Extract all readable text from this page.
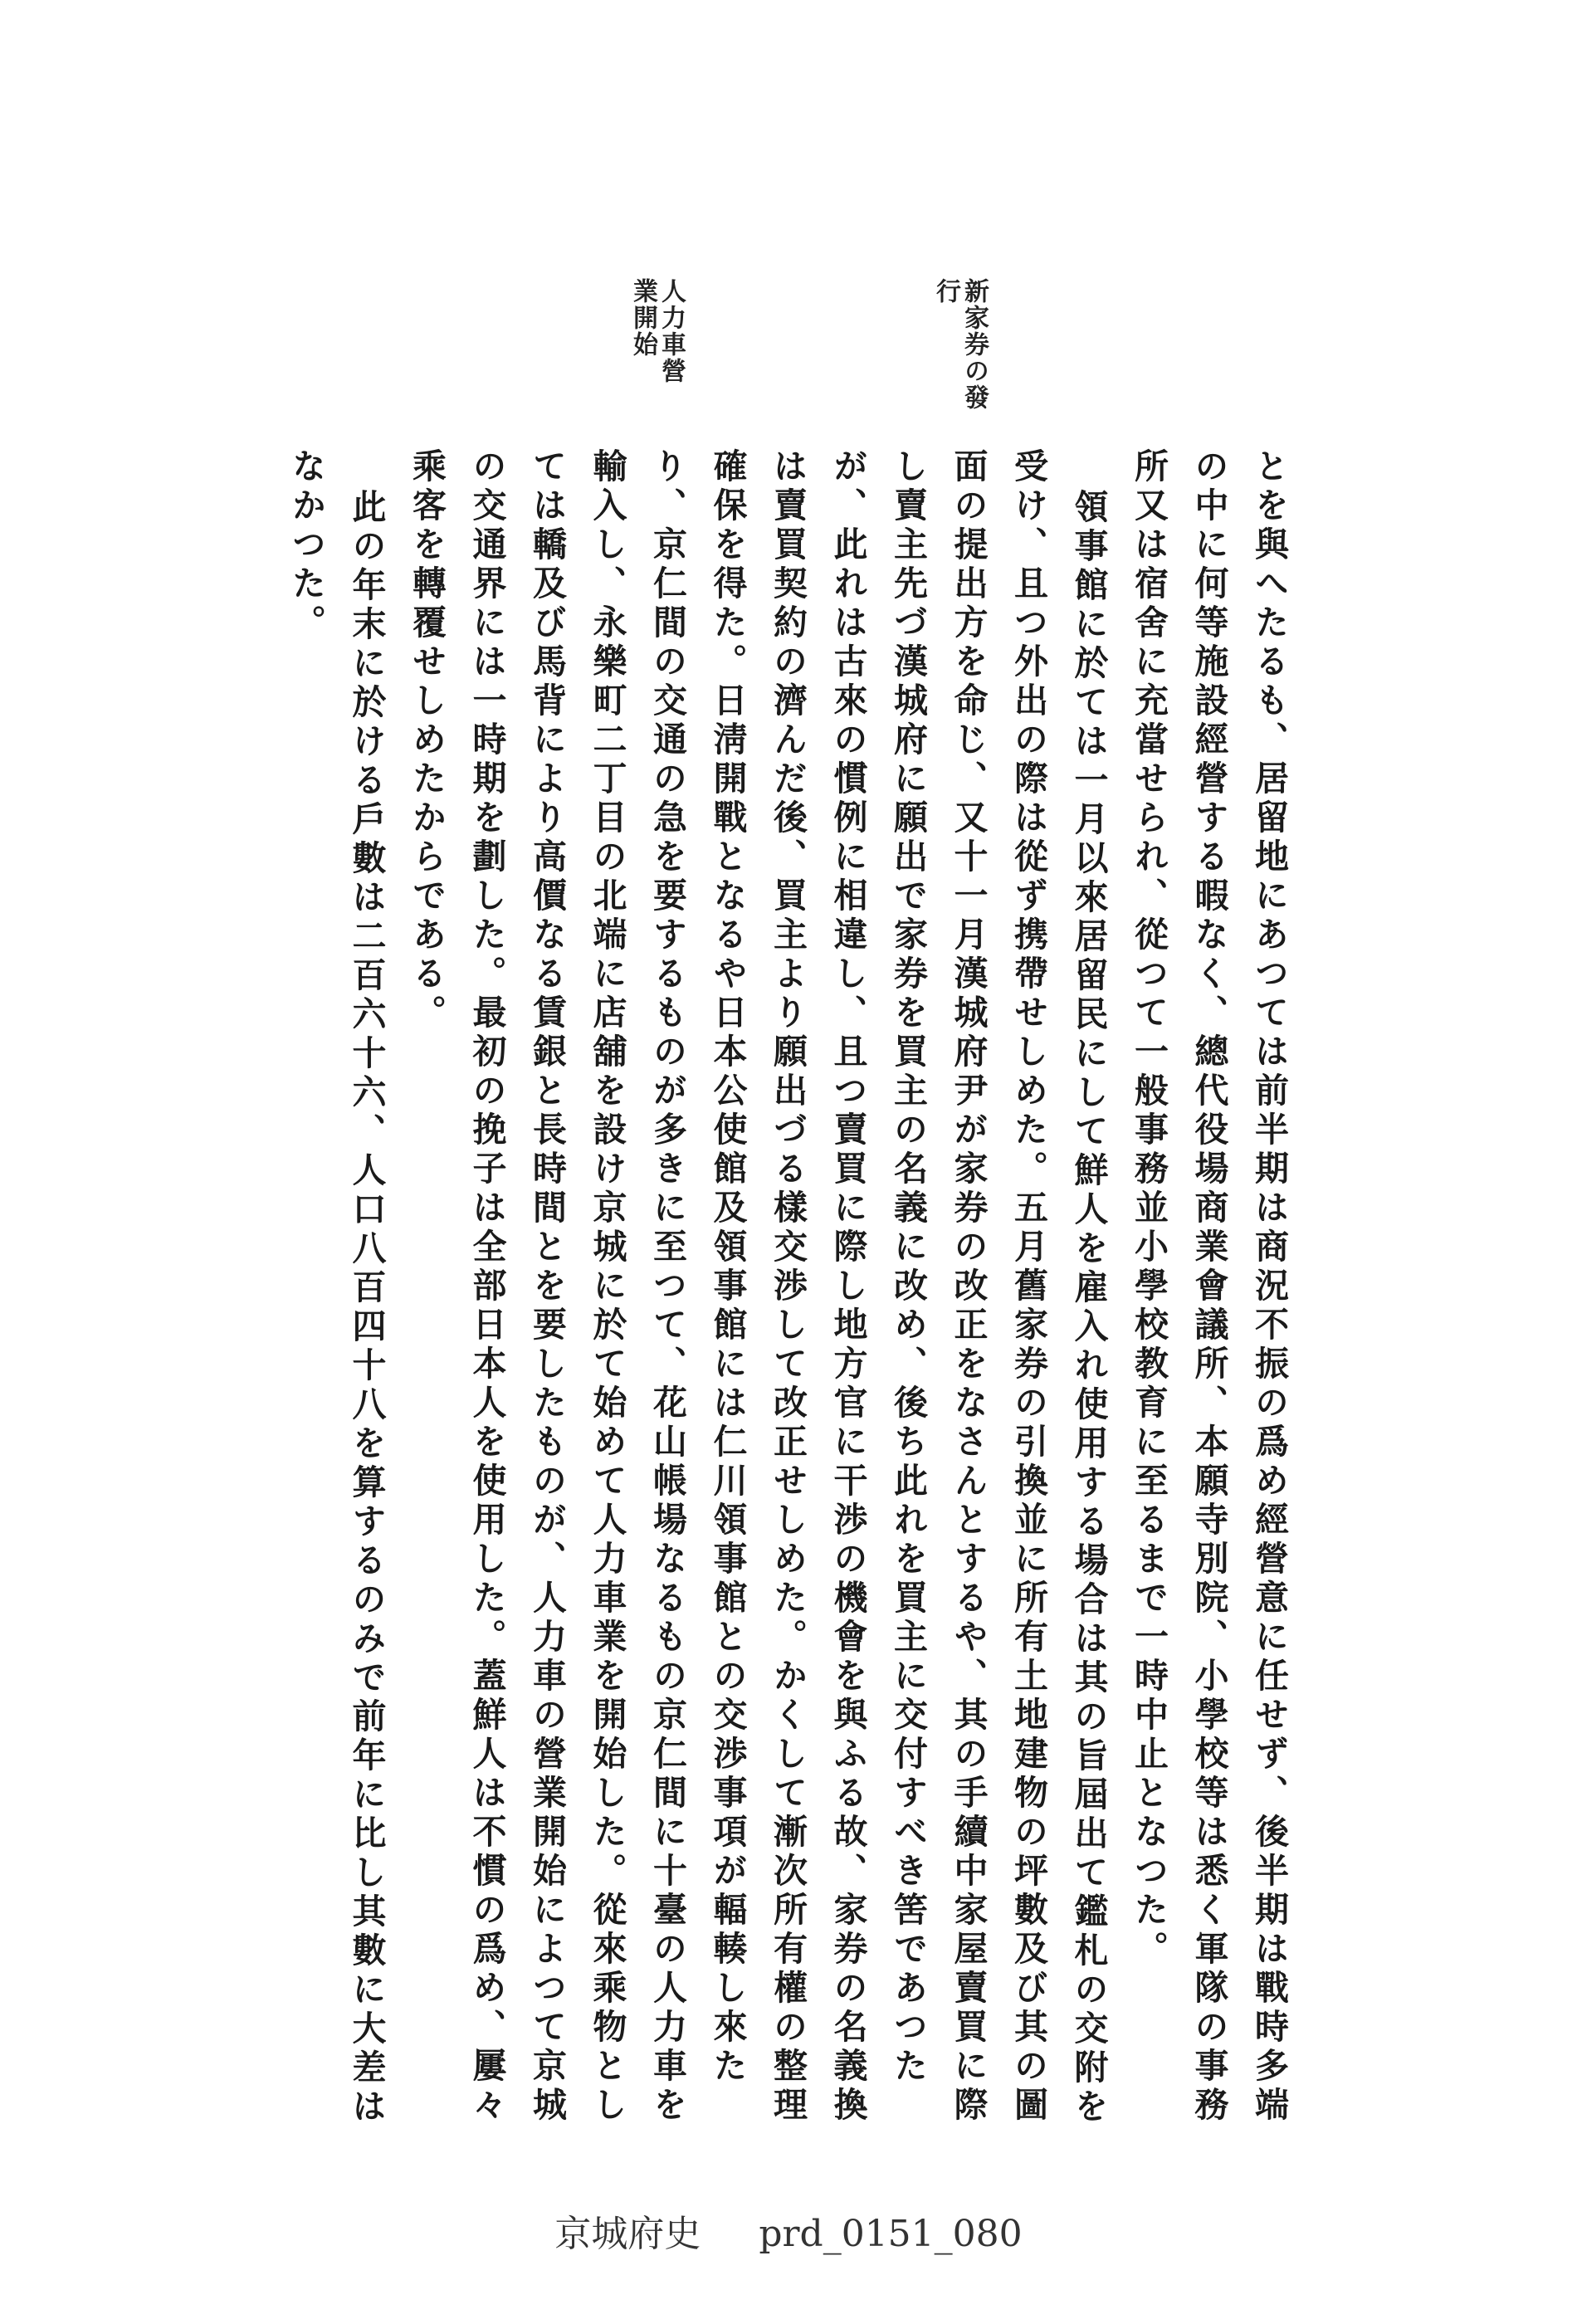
とを與へたるも、居留地にあつては前半期は商況不振の爲め經營意に任せず、後半期は戰時多端の中に何等施設經營する暇なく、總代役場商業會議所、本願寺別院、小學校等は悉く軍隊の事務所又は宿舍に充當せられ、從つて一般事務並小學校教育に至るまで一時中止となつた。

領事館に於ては一月以來居留民にして鮮人を雇入れ使用する場合は其の旨屆出て鑑札の交附を受け、且つ外出の際は從ず携帶せしめた。五月舊家券の引換並に所有土地建物の坪數及び其の圖面の提出方を命じ、又十一月漢城府尹が家券の改正をなさんとするや、其の手續中家屋賣買に際し賣主先づ漢城府に願出で家券を買主の名義に改め、後ち此れを買主に交付すべき筈であつたが、此れは古來の慣例に相違し、且つ賣買に際し地方官に干渉の機會を與ふる故、家券の名義換は賣買契約の濟んだ後、買主より願出づる樣交渉して改正せしめた。かくして漸次所有權の整理確保を得た。日淸開戰となるや日本公使館及領事館には仁川領事館との交渉事項が輻輳し來たり、京仁間の交通の急を要するものが多きに至つて、花山帳場なるもの京仁間に十臺の人力車を輸入し、永樂町二丁目の北端に店舖を設け京城に於て始めて人力車業を開始した。從來乘物としては轎及び馬背により高價なる賃銀と長時間とを要したものが、人力車の營業開始によつて京城の交通界には一時期を劃した。最初の挽子は全部日本人を使用した。蓋鮮人は不慣の爲め、屢々乘客を轉覆せしめたからである。

此の年末に於ける戶數は二百六十六、人口八百四十八を算するのみで前年に比し其數に大差はなかつた。

新家券の發行
人力車營業開始
京城府史 prd_0151_080
